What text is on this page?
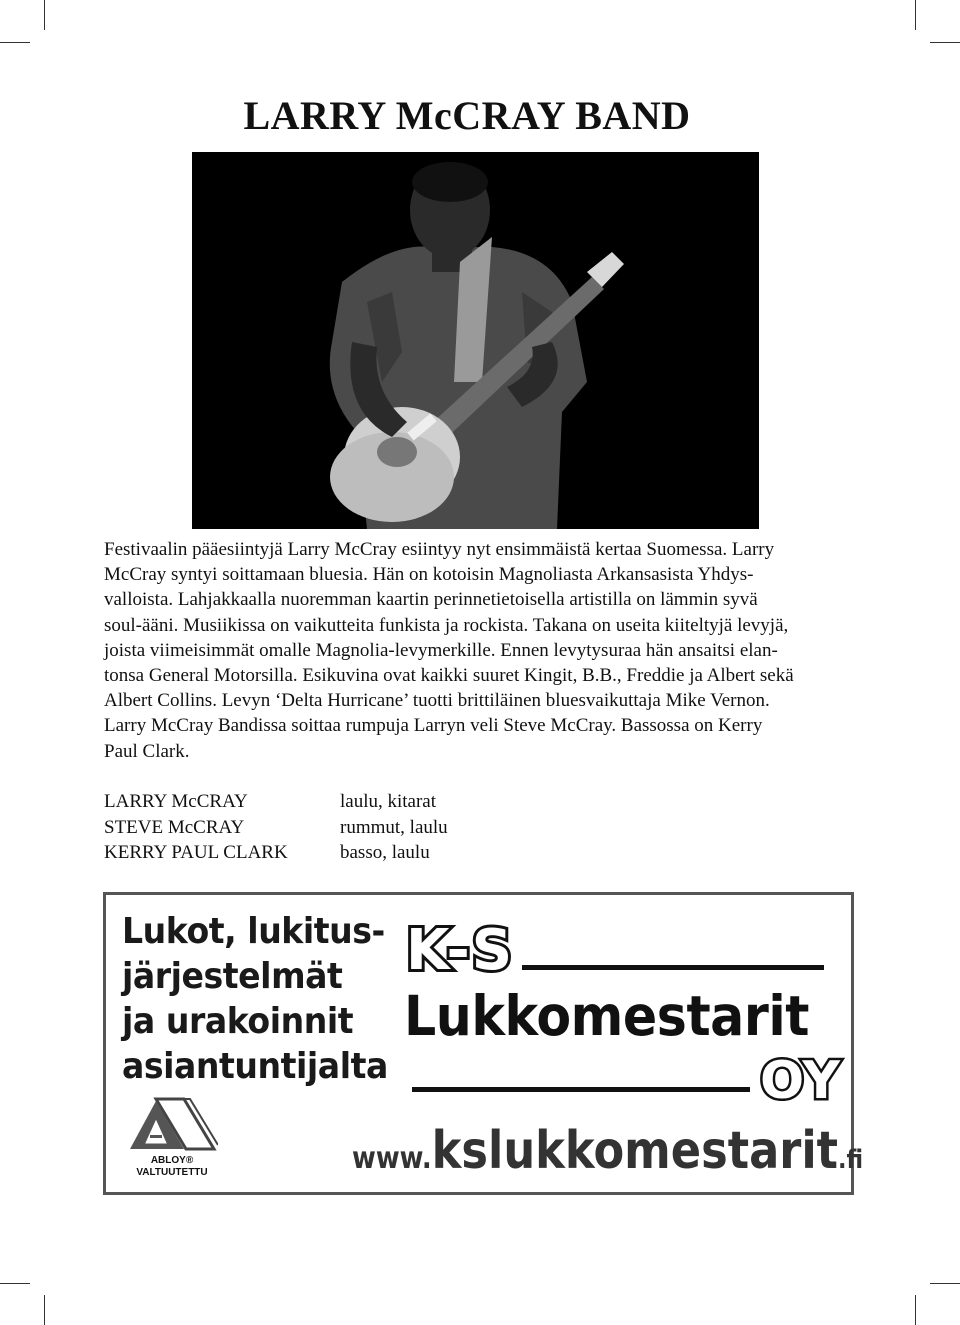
LARRY McCRAY BAND
Festivaalin pääesiintyjä Larry McCray esiintyy nyt ensimmäistä kertaa Suomessa. Larry
McCray syntyi soittamaan bluesia. Hän on kotoisin Magnoliasta Arkansasista Yhdys-
valloista. Lahjakkaalla nuoremman kaartin perinnetietoisella artistilla on lämmin syvä
soul-ääni. Musiikissa on vaikutteita funkista ja rockista. Takana on useita kiiteltyjä levyjä,
joista viimeisimmät omalle Magnolia-levymerkille. Ennen levytysuraa hän ansaitsi elan-
tonsa General Motorsilla. Esikuvina ovat kaikki suuret Kingit, B.B., Freddie ja Albert sekä
Albert Collins. Levyn ‘Delta Hurricane’ tuotti brittiläinen bluesvaikuttaja Mike Vernon.
Larry McCray Bandissa soittaa rumpuja Larryn veli Steve McCray. Bassossa on Kerry
Paul Clark.
LARRY McCRAY	laulu, kitarat
STEVE McCRAY	rummut, laulu
KERRY PAUL CLARK	basso, laulu
Lukot, lukitus-
järjestelmät
ja urakoinnit
asiantuntijalta
K-S
Lukkomestarit
OY
ABLOY®
VALTUUTETTU	www.kslukkomestarit.fi
